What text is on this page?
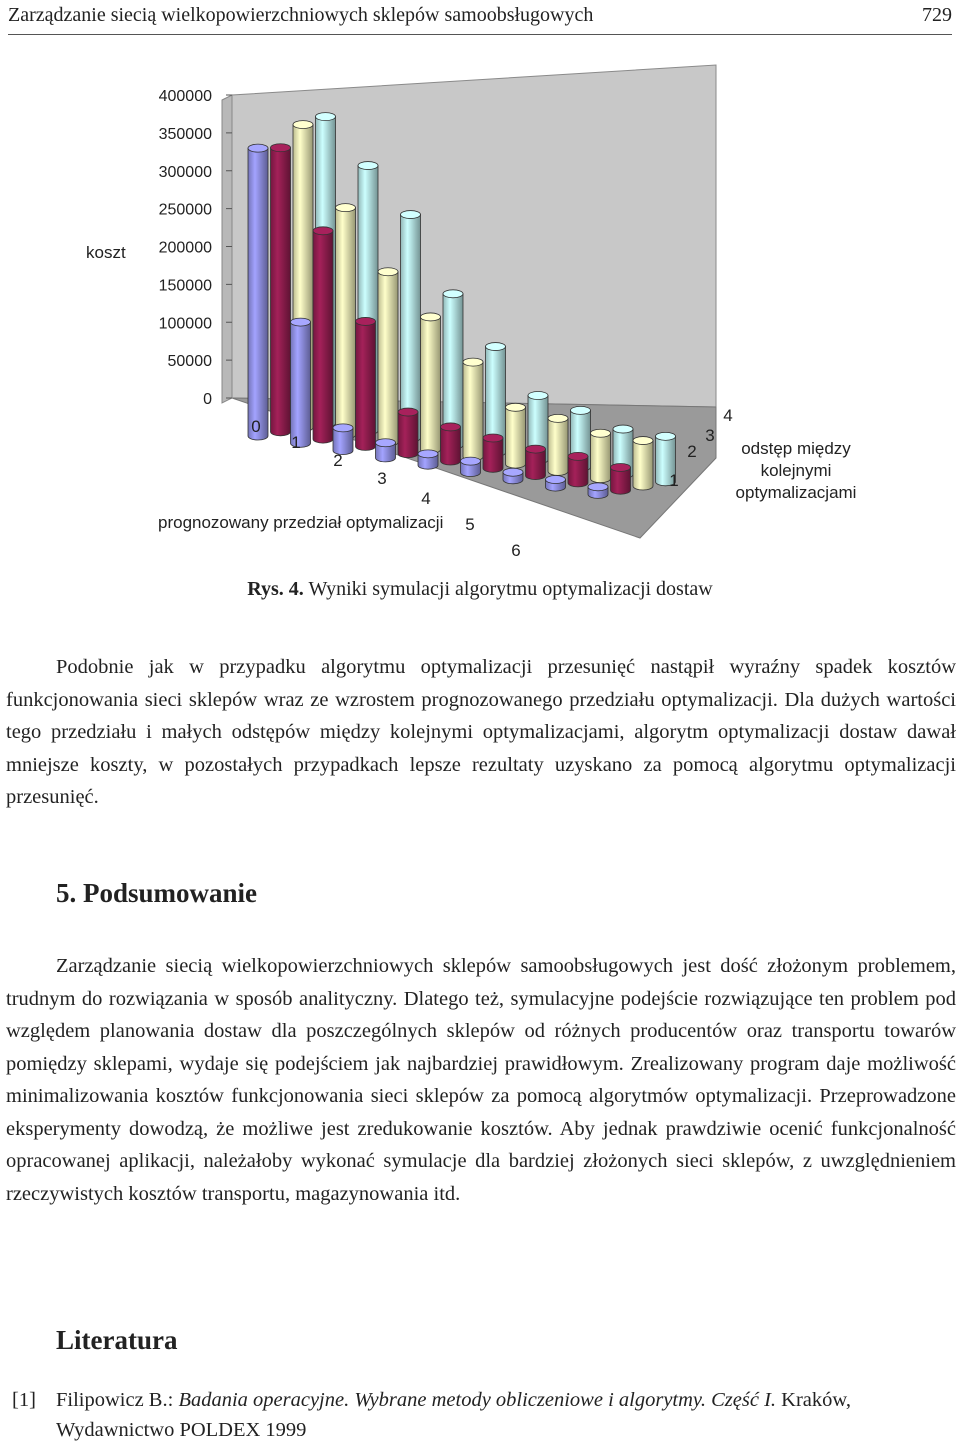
Zarządzanie siecią wielkopowierzchniowych sklepów samoobsługowych	729
400000
350000
300000
250000
200000
150000
100000
50000
0
0
1
2
3
4
5
6
1
2
3
4
koszt
prognozowany przedział optymalizacji
odstęp między kolejnymi optymalizacjami
Rys. 4. Wyniki symulacji algorytmu optymalizacji dostaw

Podobnie jak w przypadku algorytmu optymalizacji przesunięć nastąpił wyraźny spadek kosztów funkcjonowania sieci sklepów wraz ze wzrostem prognozowanego przedziału optymalizacji. Dla dużych wartości tego przedziału i małych odstępów między kolejnymi optymalizacjami, algorytm optymalizacji dostaw dawał mniejsze koszty, w pozostałych przypadkach lepsze rezultaty uzyskano za pomocą algorytmu optymalizacji przesunięć.

5. Podsumowanie

Zarządzanie siecią wielkopowierzchniowych sklepów samoobsługowych jest dość złożonym problemem, trudnym do rozwiązania w sposób analityczny. Dlatego też, symulacyjne podejście rozwiązujące ten problem pod względem planowania dostaw dla poszczególnych sklepów od różnych producentów oraz transportu towarów pomiędzy sklepami, wydaje się podejściem jak najbardziej prawidłowym. Zrealizowany program daje możliwość minimalizowania kosztów funkcjonowania sieci sklepów za pomocą algorytmów optymalizacji. Przeprowadzone eksperymenty dowodzą, że możliwe jest zredukowanie kosztów. Aby jednak prawdziwie ocenić funkcjonalność opracowanej aplikacji, należałoby wykonać symulacje dla bardziej złożonych sieci sklepów, z uwzględnieniem rzeczywistych kosztów transportu, magazynowania itd.

Literatura
[1] Filipowicz B.: Badania operacyjne. Wybrane metody obliczeniowe i algorytmy. Część I. Kraków, Wydawnictwo POLDEX 1999
